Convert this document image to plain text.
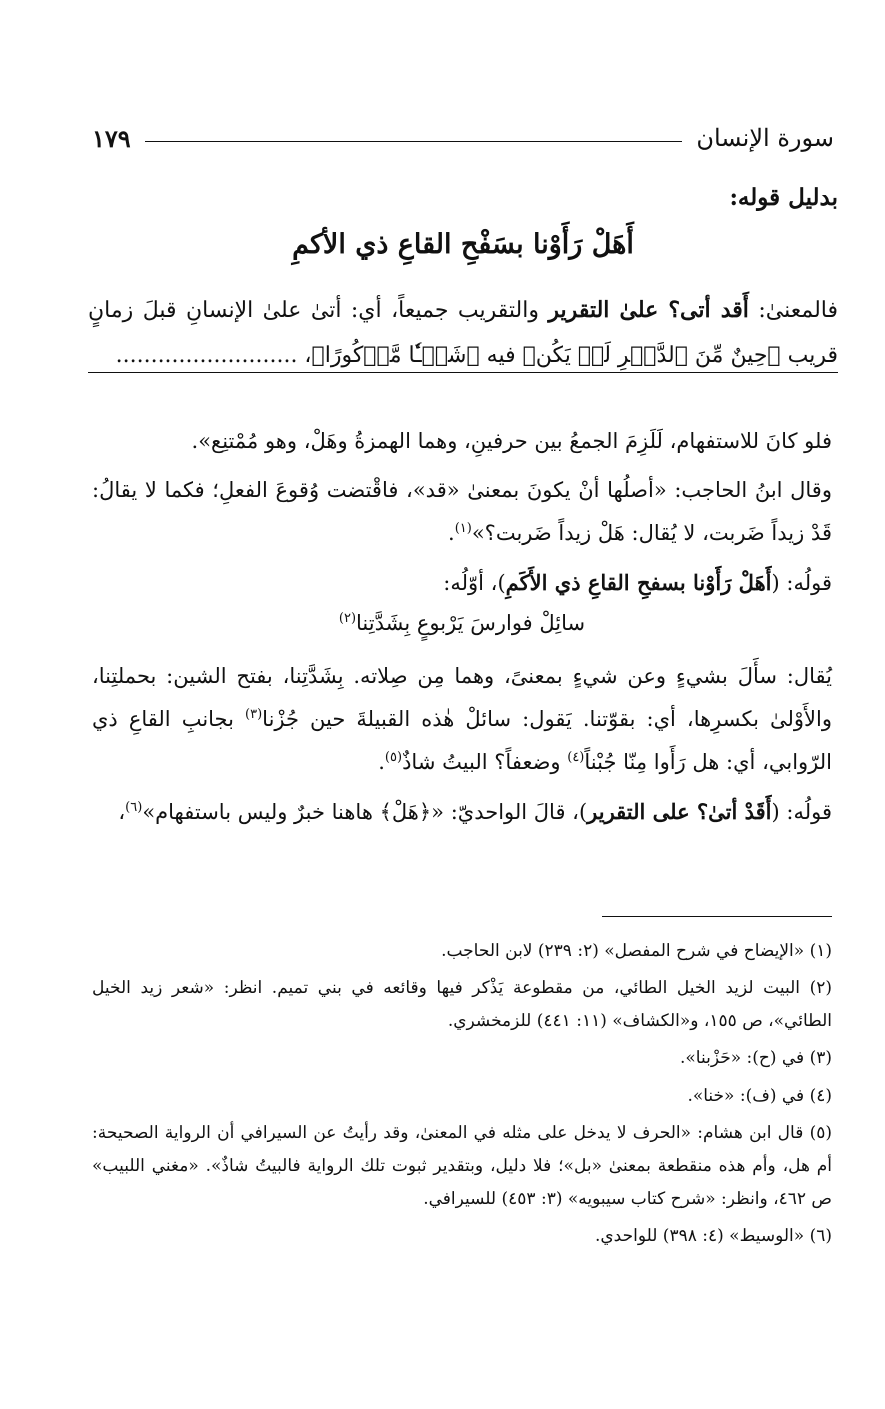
سورة الإنسان
١٧٩

بدليل قوله:

أَهَلْ رَأَوْنا بسَفْحِ القاعِ ذي الأكمِ

فالمعنىٰ: أَقد أتى؟ علىٰ التقرير والتقريب جميعاً، أي: أتىٰ علىٰ الإنسانِ قبلَ زمانٍ قريب ﴿حِينٌ مِّنَ ٱلدَّهۡرِ لَمۡ يَكُن﴾ فيه ﴿شَيۡـٔٗا مَّذۡكُورًا﴾، ..........................

فلو كانَ للاستفهام، لَلَزِمَ الجمعُ بين حرفينِ، وهما الهمزةُ وهَلْ، وهو مُمْتنِع».

وقال ابنُ الحاجب: «أصلُها أنْ يكونَ بمعنىٰ «قد»، فاقْتضت وُقوعَ الفعلِ؛ فكما لا يقالُ: قَدْ زيداً ضَربت، لا يُقال: هَلْ زيداً ضَربت؟»$^{(١)}$.

قولُه: (أَهَلْ رَأَوْنا بسفحِ القاعِ ذي الأَكَمِ)، أوّلُه:

سائِلْ فوارسَ يَرْبوعٍ بِشَدَّتِنا$^{(٢)}$

يُقال: سأَلَ بشيءٍ وعن شيءٍ بمعنىً، وهما مِن صِلاته. بِشَدَّتِنا، بفتح الشين: بحملتِنا، والأَوْلىٰ بكسرِها، أي: بقوّتنا. يَقول: سائلْ هٰذه القبيلةَ حين جُزْنا$^{(٣)}$ بجانبِ القاعِ ذي الرّوابي، أي: هل رَأَوا مِنّا جُبْناً$^{(٤)}$ وضعفاً؟ البيتُ شاذٌ$^{(٥)}$.

قولُه: (أَقَدْ أتىٰ؟ على التقرير)، قالَ الواحديّ: «﴿هَلْ﴾ هاهنا خبرٌ وليس باستفهام»$^{(٦)}$،

(١) «الإيضاح في شرح المفصل» (٢: ٢٣٩) لابن الحاجب.

(٢) البيت لزيد الخيل الطائي، من مقطوعة يَذْكر فيها وقائعه في بني تميم. انظر: «شعر زيد الخيل الطائي»، ص ١٥٥، و«الكشاف» (١١: ٤٤١) للزمخشري.

(٣) في (ح): «حَزْبنا».

(٤) في (ف): «خنا».

(٥) قال ابن هشام: «الحرف لا يدخل على مثله في المعنىٰ، وقد رأيتُ عن السيرافي أن الرواية الصحيحة: أم هل، وأم هذه منقطعة بمعنىٰ «بل»؛ فلا دليل، وبتقدير ثبوت تلك الرواية فالبيتُ شاذٌ». «مغني اللبيب» ص ٤٦٢، وانظر: «شرح كتاب سيبويه» (٣: ٤٥٣) للسيرافي.

(٦) «الوسيط» (٤: ٣٩٨) للواحدي.
